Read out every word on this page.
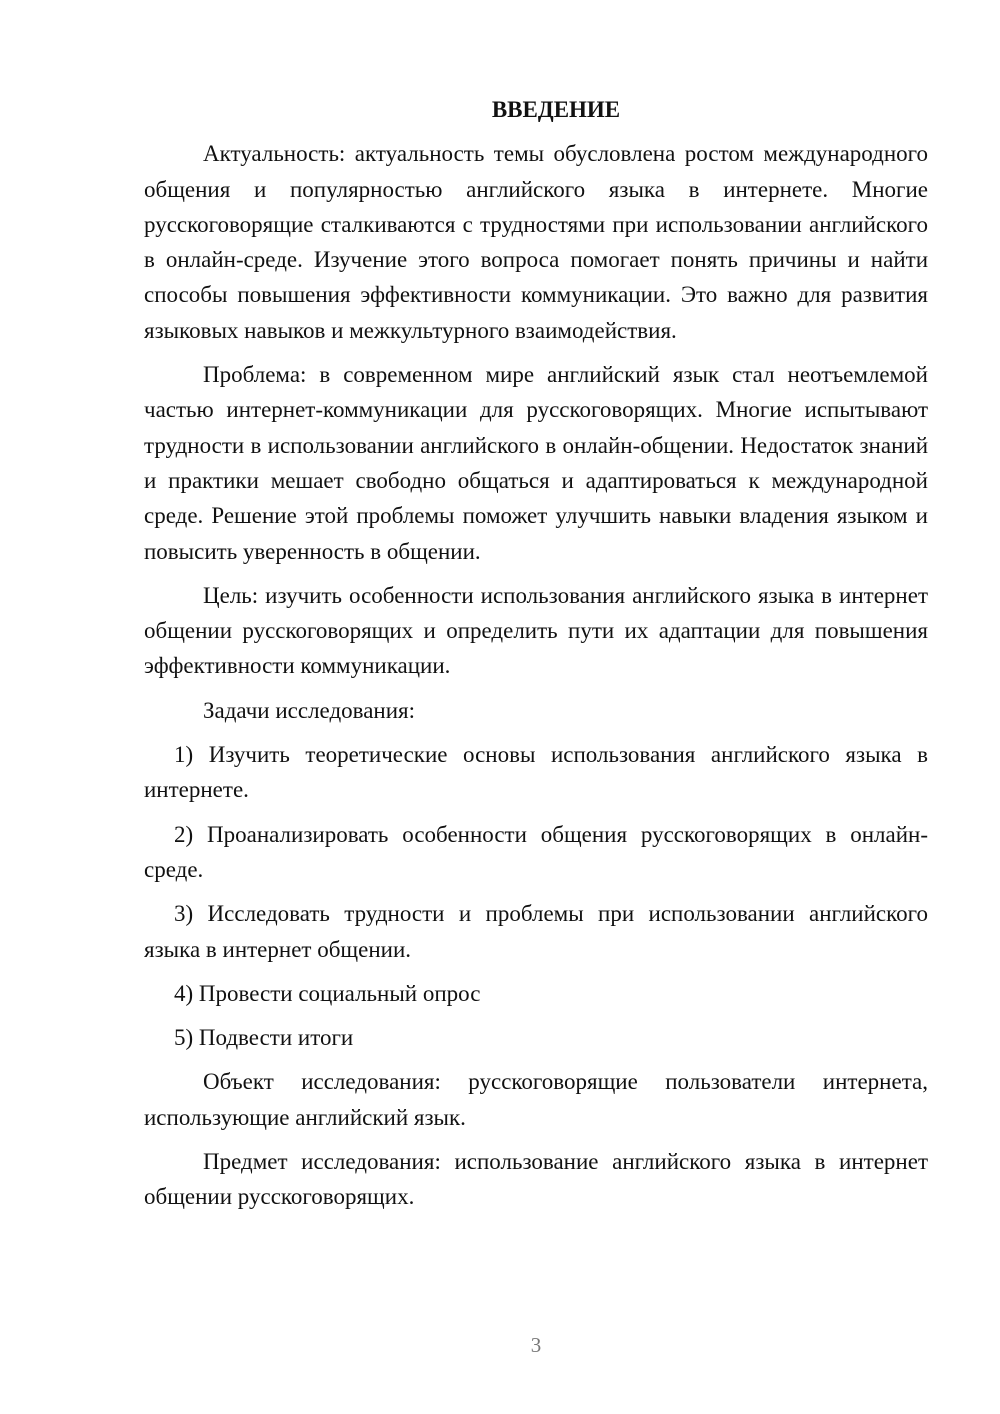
ВВЕДЕНИЕ

Актуальность: актуальность темы обусловлена ростом международного общения и популярностью английского языка в интернете. Многие русскоговорящие сталкиваются с трудностями при использовании английского в онлайн-среде. Изучение этого вопроса помогает понять причины и найти способы повышения эффективности коммуникации. Это важно для развития языковых навыков и межкультурного взаимодействия.

Проблема: в современном мире английский язык стал неотъемлемой частью интернет-коммуникации для русскоговорящих. Многие испытывают трудности в использовании английского в онлайн-общении. Недостаток знаний и практики мешает свободно общаться и адаптироваться к международной среде. Решение этой проблемы поможет улучшить навыки владения языком и повысить уверенность в общении.

Цель: изучить особенности использования английского языка в интернет общении русскоговорящих и определить пути их адаптации для повышения эффективности коммуникации.

Задачи исследования:

1) Изучить теоретические основы использования английского языка в интернете.

2) Проанализировать особенности общения русскоговорящих в онлайн-среде.

3) Исследовать трудности и проблемы при использовании английского языка в интернет общении.

4) Провести социальный опрос

5) Подвести итоги

Объект исследования: русскоговорящие пользователи интернета, использующие английский язык.

Предмет исследования: использование английского языка в интернет общении русскоговорящих.

3
